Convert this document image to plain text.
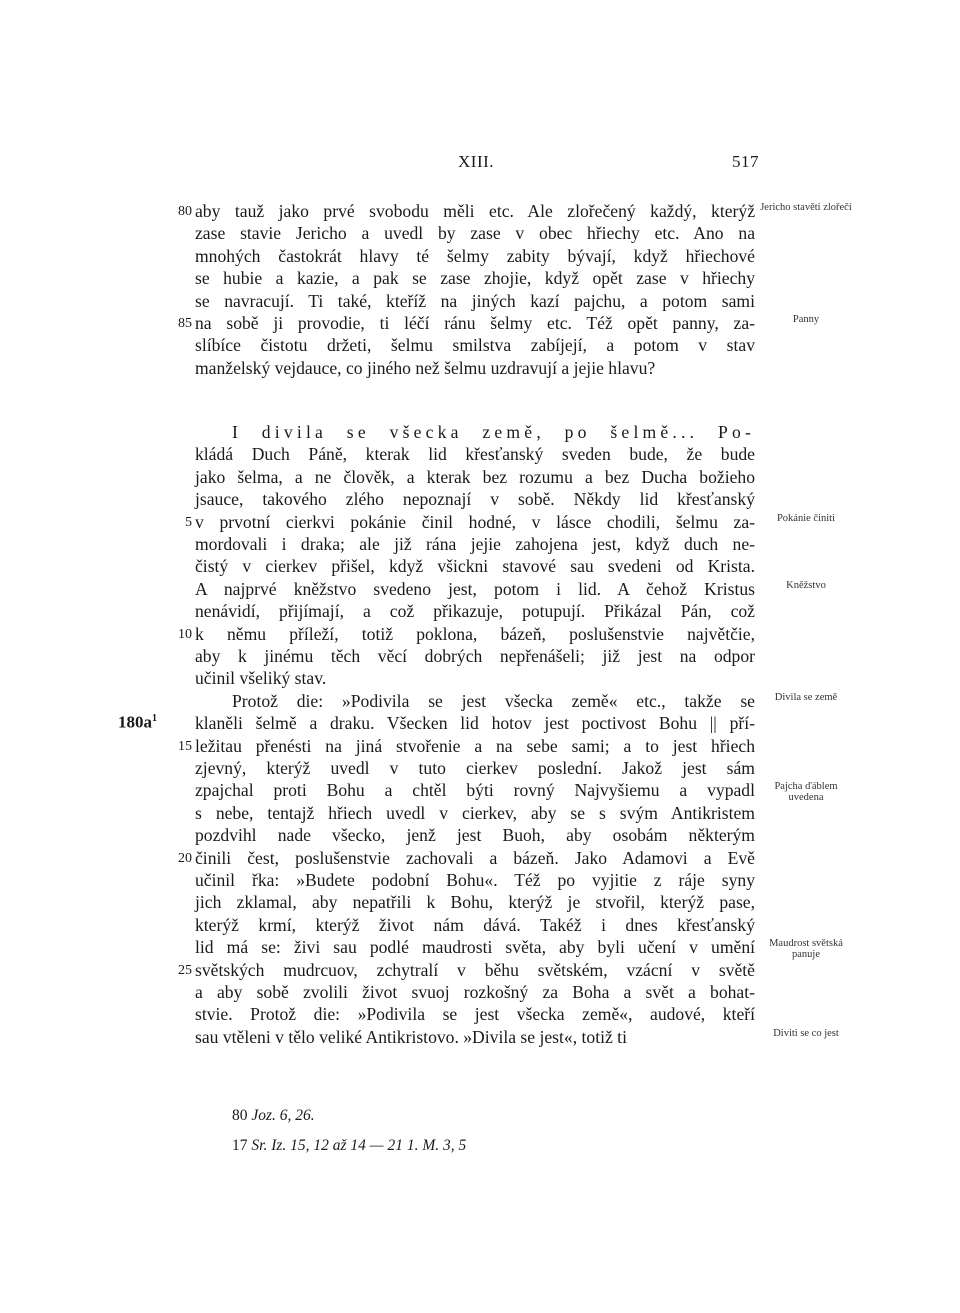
XIII.	517
aby tauž jako prvé svobodu měli etc. Ale zlořečený každý, kterýž
zase stavie Jericho a uvedl by zase v obec hřiechy etc. Ano na
mnohých častokrát hlavy té šelmy zabity bývají, když hřiechové
se hubie a kazie, a pak se zase zhojie, když opět zase v hřiechy
se navracují. Ti také, kteříž na jiných kazí pajchu, a potom sami
na sobě ji provodie, ti léčí ránu šelmy etc. Též opět panny, za-
slíbíce čistotu držeti, šelmu smilstva zabíjejí, a potom v stav
manželský vejdauce, co jiného než šelmu uzdravují a jejie hlavu?
80
85
I divila se všecka země, po šelmě... Po-
kládá Duch Páně, kterak lid křesťanský sveden bude, že bude
jako šelma, a ne člověk, a kterak bez rozumu a bez Ducha božieho
jsauce, takového zlého nepoznají v sobě. Někdy lid křesťanský
v prvotní cierkvi pokánie činil hodné, v lásce chodili, šelmu za-
mordovali i draka; ale již rána jejie zahojena jest, když duch ne-
čistý v cierkev přišel, když všickni stavové sau svedeni od Krista.
A najprvé kněžstvo svedeno jest, potom i lid. A čehož Kristus
nenávidí, přijímají, a což přikazuje, potupují. Přikázal Pán, což
k němu příleží, totiž poklona, bázeň, poslušenstvie najvětčie,
aby k jinému těch věcí dobrých nepřenášeli; již jest na odpor
učinil všeliký stav.
Protož die: »Podivila se jest všecka země« etc., takže se
klaněli šelmě a draku. Všecken lid hotov jest poctivost Bohu || pří-
ležitau přenésti na jiná stvořenie a na sebe sami; a to jest hřiech
zjevný, kterýž uvedl v tuto cierkev poslední. Jakož jest sám
zpajchal proti Bohu a chtěl býti rovný Najvyšiemu a vypadl
s nebe, tentajž hřiech uvedl v cierkev, aby se s svým Antikristem
pozdvihl nade všecko, jenž jest Buoh, aby osobám některým
činili čest, poslušenstvie zachovali a bázeň. Jako Adamovi a Evě
učinil řka: »Budete podobní Bohu«. Též po vyjitie z ráje syny
jich zklamal, aby nepatřili k Bohu, kterýž je stvořil, kterýž pase,
kterýž krmí, kterýž život nám dává. Takéž i dnes křesťanský
lid má se: živi sau podlé maudrosti světa, aby byli učení v umění
světských mudrcuov, zchytralí v běhu světském, vzácní v světě
a aby sobě zvolili život svuoj rozkošný za Boha a svět a bohat-
stvie. Protož die: »Podivila se jest všecka země«, audové, kteří
sau vtěleni v tělo veliké Antikristovo. »Divila se jest«, totiž ti
5
10
15
20
25
$180a^1$
Jericho stavěti zlořečí
Panny
Pokánie činiti
Kněžstvo
Divila se země
Pajcha ďáblem uvedena
Maudrost světská panuje
Diviti se co jest
80 Joz. 6, 26.
17 Sr. Iz. 15, 12 až 14 — 21 1. M. 3, 5
